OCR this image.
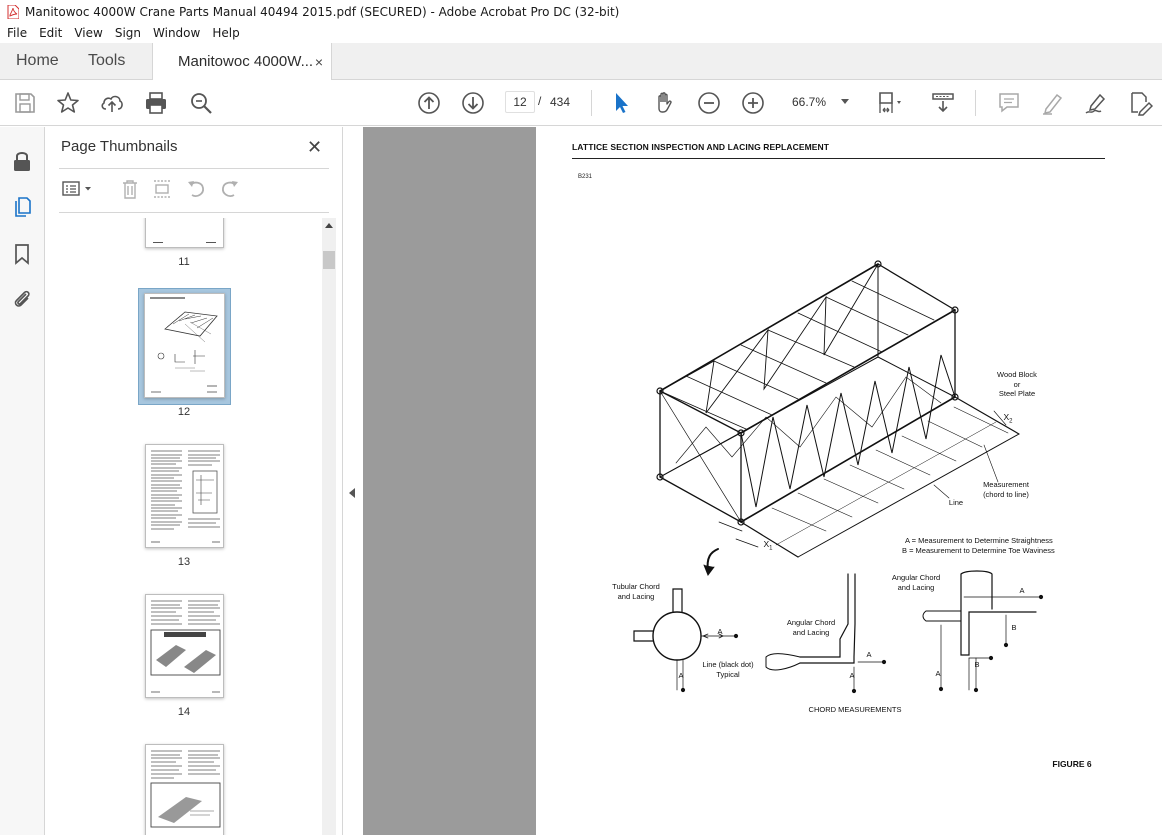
Manitowoc 4000W Crane Parts Manual 40494 2015.pdf (SECURED) - Adobe Acrobat Pro DC (32-bit)
File	Edit	View	Sign	Window	Help
Home Tools	Manitowoc 4000W... ×
12 / 434	66.7%
Page Thumbnails	✕
11
12
13
14
LATTICE SECTION INSPECTION AND LACING REPLACEMENT
B231
Wood Block
or
Steel Plate
$X_2$
Measurement
(chord to line)
Line
$X_1$
A = Measurement to Determine Straightness
B = Measurement to Determine Toe Waviness
Tubular Chord
and Lacing
Line (black dot)
Typical
Angular Chord
and Lacing
Angular Chord
and Lacing
CHORD MEASUREMENTS
FIGURE 6
A
A
A
A
A
A
B
B
